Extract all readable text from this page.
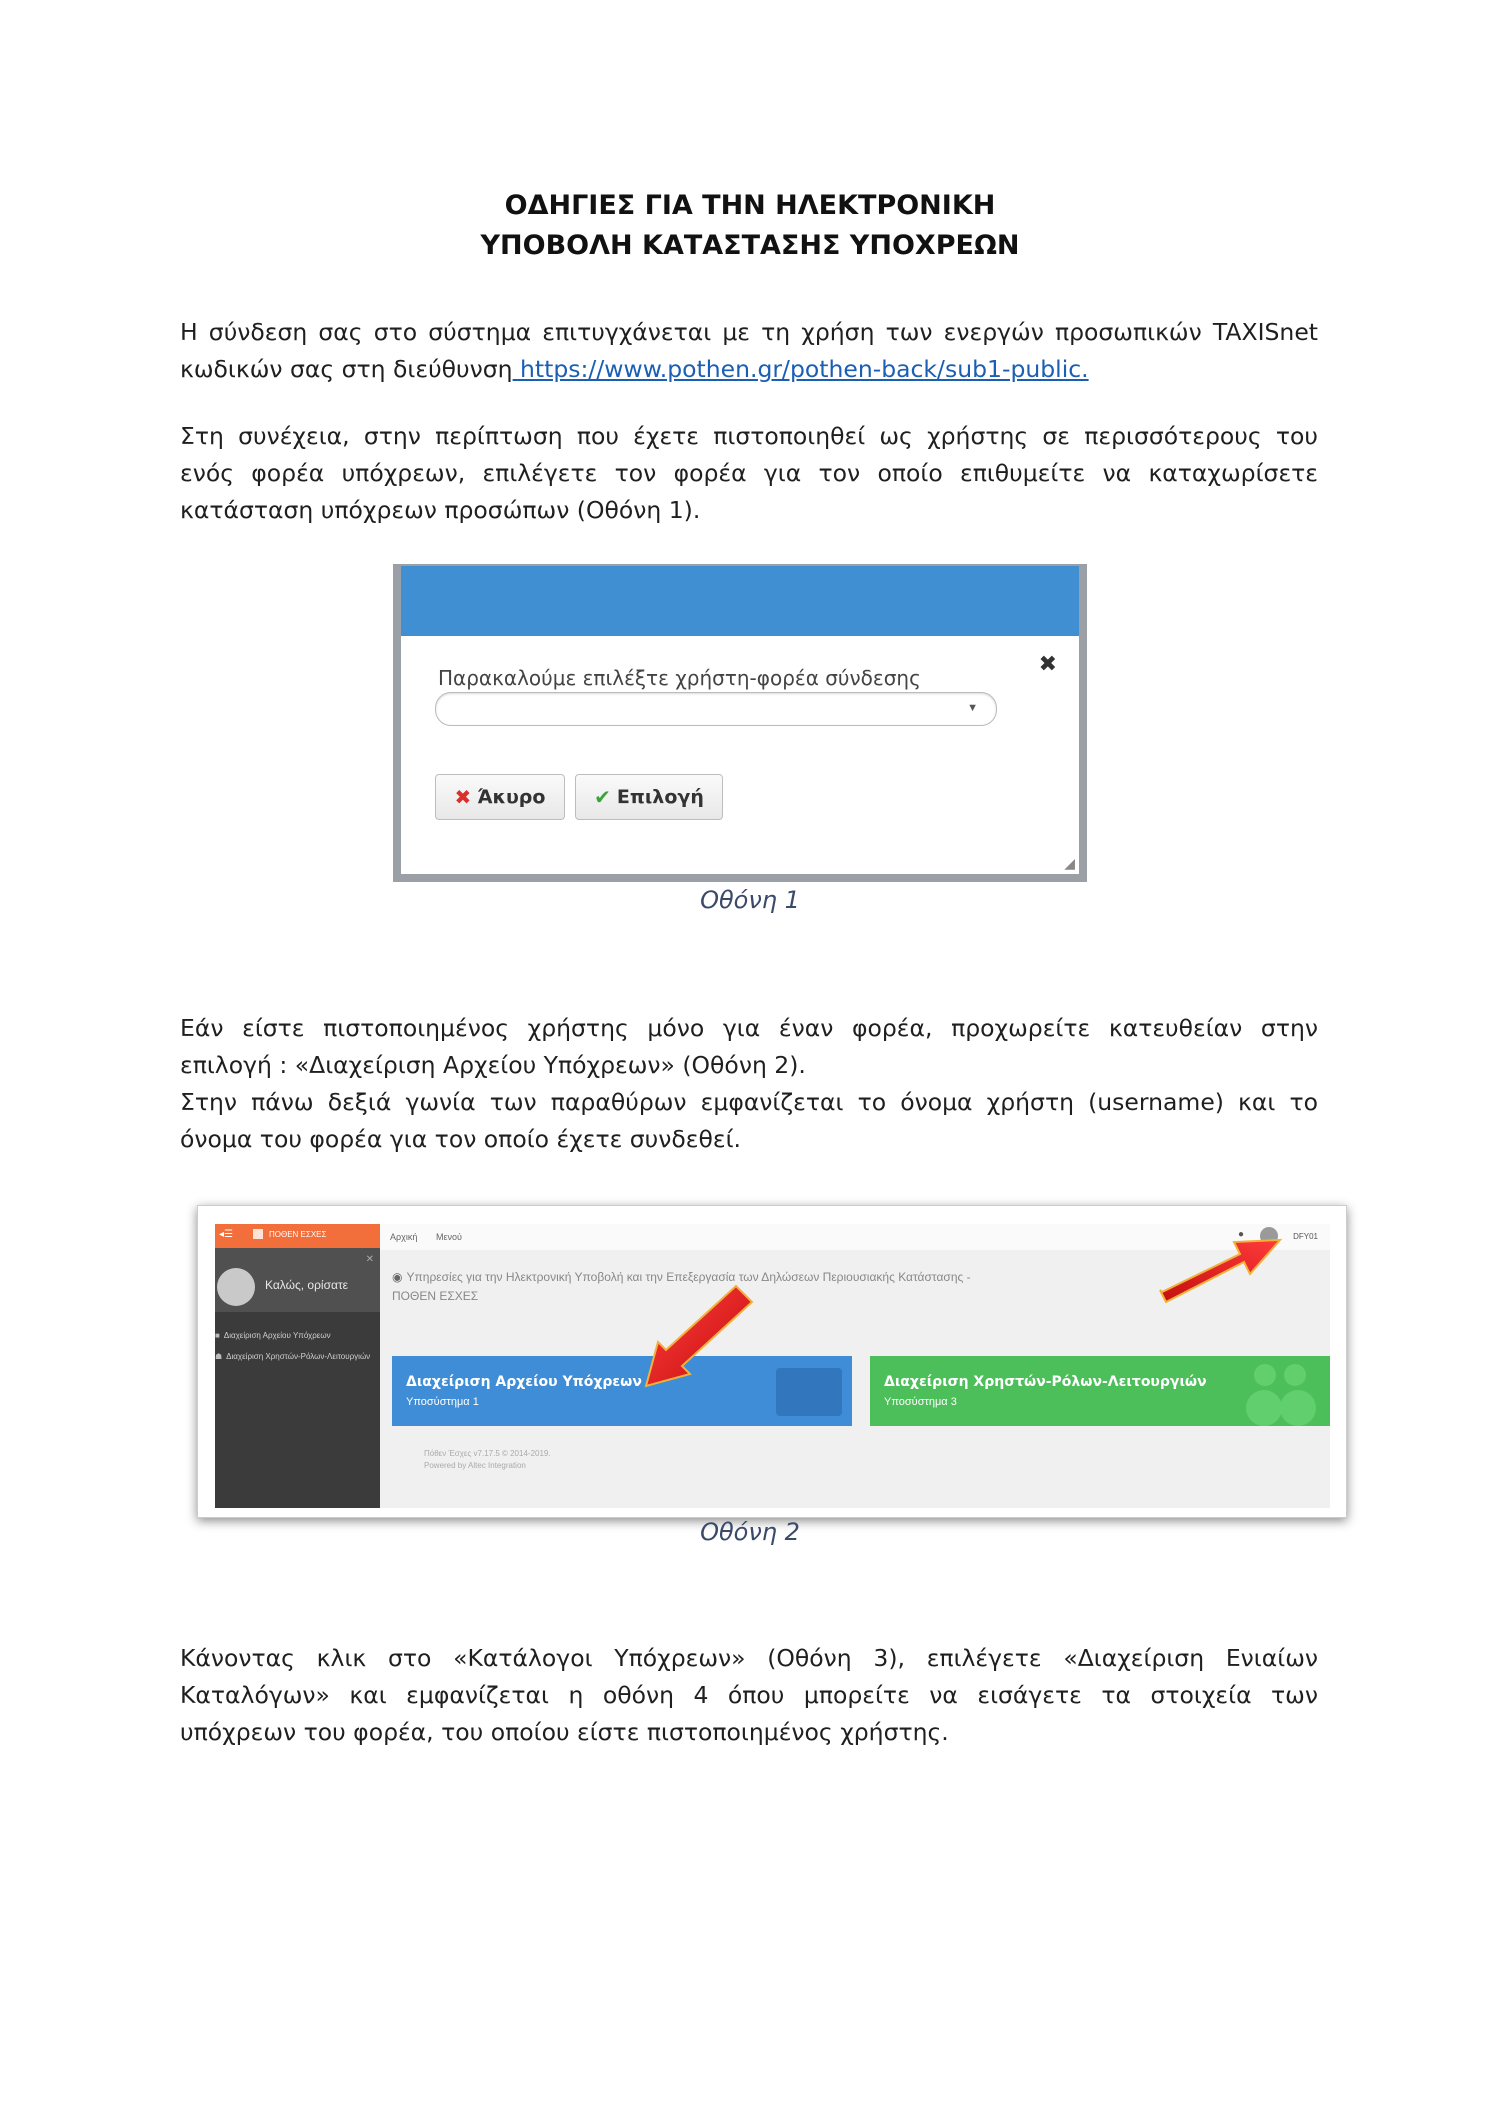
ΟΔΗΓΙΕΣ ΓΙΑ ΤΗΝ ΗΛΕΚΤΡΟΝΙΚΗ
ΥΠΟΒΟΛΗ ΚΑΤΑΣΤΑΣΗΣ ΥΠΟΧΡΕΩΝ
Η σύνδεση σας στο σύστημα επιτυγχάνεται με τη χρήση των ενεργών προσωπικών TAXISnet
κωδικών σας στη διεύθυνση https://www.pothen.gr/pothen-back/sub1-public.
Στη συνέχεια, στην περίπτωση που έχετε πιστοποιηθεί ως χρήστης σε περισσότερους του
ενός φορέα υπόχρεων, επιλέγετε τον φορέα για τον οποίο επιθυμείτε να καταχωρίσετε
κατάσταση υπόχρεων προσώπων (Οθόνη 1).
✖
Παρακαλούμε επιλέξτε χρήστη-φορέα σύνδεσης
▼
✖ Άκυρο ✔ Επιλογή
◢
Οθόνη 1
Εάν είστε πιστοποιημένος χρήστης μόνο για έναν φορέα, προχωρείτε κατευθείαν στην
επιλογή : «Διαχείριση Αρχείου Υπόχρεων» (Οθόνη 2).
Στην πάνω δεξιά γωνία των παραθύρων εμφανίζεται το όνομα χρήστη (username) και το
όνομα του φορέα για τον οποίο έχετε συνδεθεί.
◂☰	ΠΟΘΕΝ ΕΣΧΕΣ
Καλώς, ορίσατε
✕
■ Διαχείριση Αρχείου Υπόχρεων
☗ Διαχείριση Χρηστών-Ρόλων-Λειτουργιών
Αρχική Μενού	●	DFY01
◉ Υπηρεσίες για την Ηλεκτρονική Υποβολή και την Επεξεργασία των Δηλώσεων Περιουσιακής Κατάστασης - ΠΟΘΕΝ ΕΣΧΕΣ
Διαχείριση Αρχείου Υπόχρεων
Υποσύστημα 1
Διαχείριση Χρηστών-Ρόλων-Λειτουργιών
Υποσύστημα 3
Πόθεν Έσχες v7.17.5 © 2014-2019.
Powered by Altec Integration
Οθόνη 2
Κάνοντας κλικ στο «Κατάλογοι Υπόχρεων» (Οθόνη 3), επιλέγετε «Διαχείριση Ενιαίων
Καταλόγων» και εμφανίζεται η οθόνη 4 όπου μπορείτε να εισάγετε τα στοιχεία των
υπόχρεων του φορέα, του οποίου είστε πιστοποιημένος χρήστης.
